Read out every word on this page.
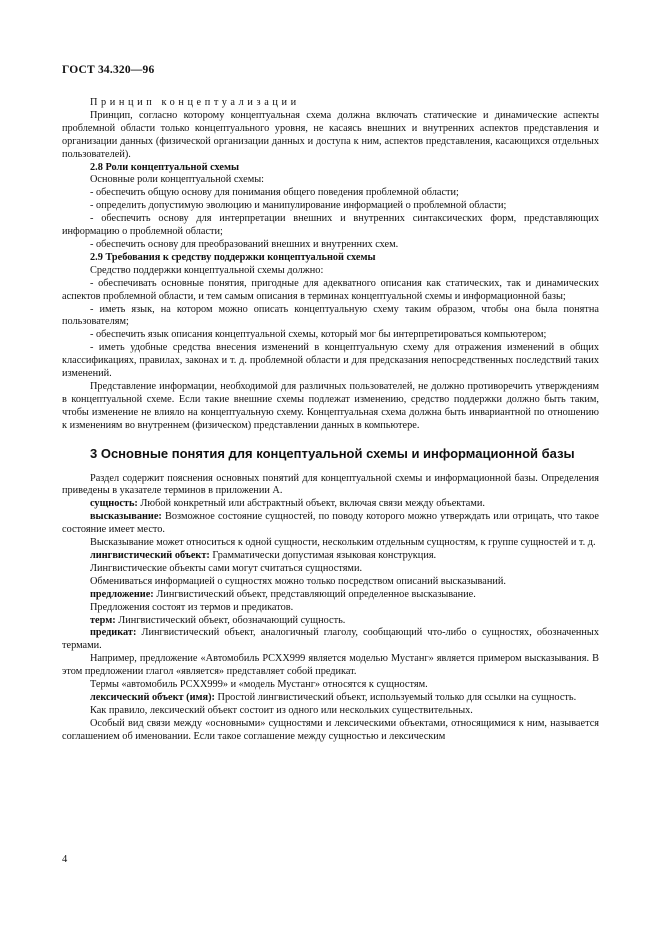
ГОСТ 34.320—96

Принцип концептуализации

Принцип, согласно которому концептуальная схема должна включать статические и динамические аспекты проблемной области только концептуального уровня, не касаясь внешних и внутренних аспектов представления и организации данных (физической организации данных и доступа к ним, аспектов представления, касающихся отдельных пользователей).

2.8 Роли концептуальной схемы

Основные роли концептуальной схемы:

- обеспечить общую основу для понимания общего поведения проблемной области;

- определить допустимую эволюцию и манипулирование информацией о проблемной области;

- обеспечить основу для интерпретации внешних и внутренних синтаксических форм, представляющих информацию о проблемной области;

- обеспечить основу для преобразований внешних и внутренних схем.

2.9 Требования к средству поддержки концептуальной схемы

Средство поддержки концептуальной схемы должно:

- обеспечивать основные понятия, пригодные для адекватного описания как статических, так и динамических аспектов проблемной области, и тем самым описания в терминах концептуальной схемы и информационной базы;

- иметь язык, на котором можно описать концептуальную схему таким образом, чтобы она была понятна пользователям;

- обеспечить язык описания концептуальной схемы, который мог бы интерпретироваться компьютером;

- иметь удобные средства внесения изменений в концептуальную схему для отражения изменений в общих классификациях, правилах, законах и т. д. проблемной области и для предсказания непосредственных последствий таких изменений.

Представление информации, необходимой для различных пользователей, не должно противоречить утверждениям в концептуальной схеме. Если такие внешние схемы подлежат изменению, средство поддержки должно быть таким, чтобы изменение не влияло на концептуальную схему. Концептуальная схема должна быть инвариантной по отношению к изменениям во внутреннем (физическом) представлении данных в компьютере.

3 Основные понятия для концептуальной схемы и информационной базы

Раздел содержит пояснения основных понятий для концептуальной схемы и информационной базы. Определения приведены в указателе терминов в приложении А.

сущность: Любой конкретный или абстрактный объект, включая связи между объектами.

высказывание: Возможное состояние сущностей, по поводу которого можно утверждать или отрицать, что такое состояние имеет место.

Высказывание может относиться к одной сущности, нескольким отдельным сущностям, к группе сущностей и т. д.

лингвистический объект: Грамматически допустимая языковая конструкция.

Лингвистические объекты сами могут считаться сущностями.

Обмениваться информацией о сущностях можно только посредством описаний высказываний.

предложение: Лингвистический объект, представляющий определенное высказывание.

Предложения состоят из термов и предикатов.

терм: Лингвистический объект, обозначающий сущность.

предикат: Лингвистический объект, аналогичный глаголу, сообщающий что-либо о сущностях, обозначенных термами.

Например, предложение «Автомобиль PCXX999 является моделью Мустанг» является примером высказывания. В этом предложении глагол «является» представляет собой предикат.

Термы «автомобиль PCXX999» и «модель Мустанг» относятся к сущностям.

лексический объект (имя): Простой лингвистический объект, используемый только для ссылки на сущность.

Как правило, лексический объект состоит из одного или нескольких существительных.

Особый вид связи между «основными» сущностями и лексическими объектами, относящимися к ним, называется соглашением об именовании. Если такое соглашение между сущностью и лексическим

4
